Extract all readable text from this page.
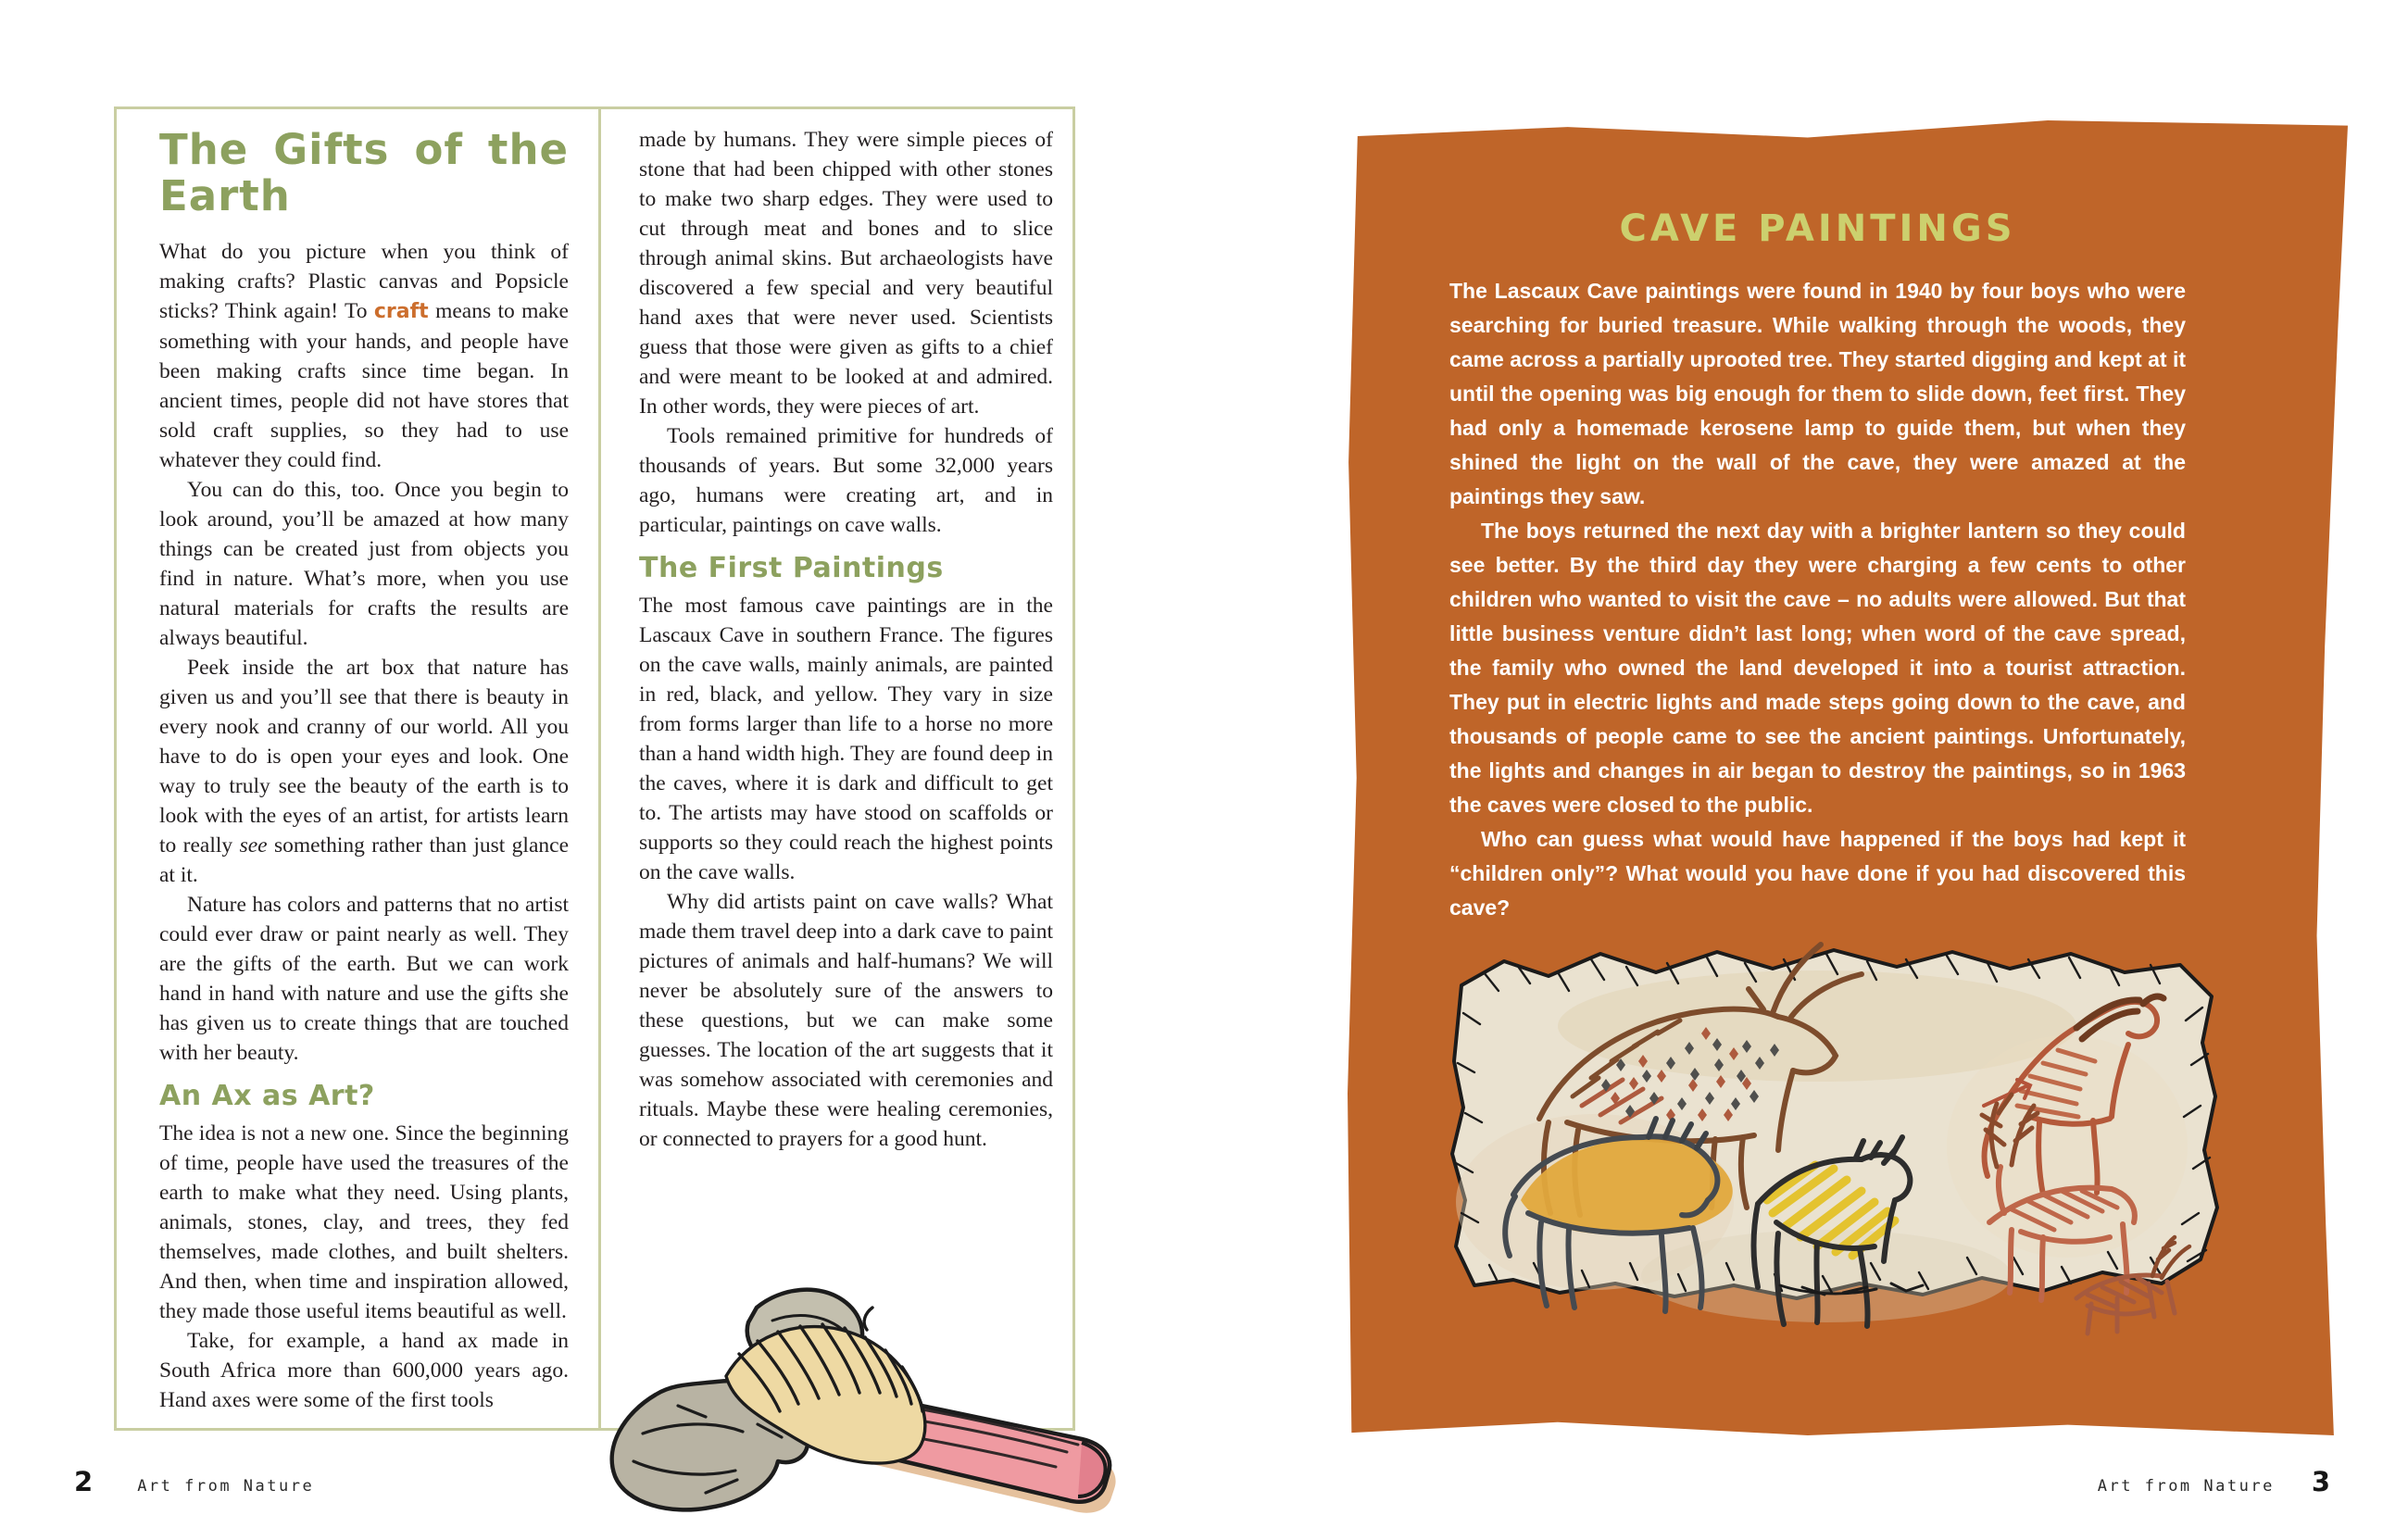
The Gifts of the Earth

What do you picture when you think of making crafts? Plastic canvas and Popsicle sticks? Think again! To craft means to make something with your hands, and people have been making crafts since time began. In ancient times, people did not have stores that sold craft supplies, so they had to use whatever they could find.

You can do this, too. Once you begin to look around, you’ll be amazed at how many things can be created just from objects you find in nature. What’s more, when you use natural materials for crafts the results are always beautiful.

Peek inside the art box that nature has given us and you’ll see that there is beauty in every nook and cranny of our world. All you have to do is open your eyes and look. One way to truly see the beauty of the earth is to look with the eyes of an artist, for artists learn to really see something rather than just glance at it.

Nature has colors and patterns that no artist could ever draw or paint nearly as well. They are the gifts of the earth. But we can work hand in hand with nature and use the gifts she has given us to create things that are touched with her beauty.

An Ax as Art?

The idea is not a new one. Since the beginning of time, people have used the treasures of the earth to make what they need. Using plants, animals, stones, clay, and trees, they fed themselves, made clothes, and built shelters. And then, when time and inspiration allowed, they made those useful items beautiful as well.

Take, for example, a hand ax made in South Africa more than 600,000 years ago. Hand axes were some of the first tools

made by humans. They were simple pieces of stone that had been chipped with other stones to make two sharp edges. They were used to cut through meat and bones and to slice through animal skins. But archaeologists have discovered a few special and very beautiful hand axes that were never used. Scientists guess that those were given as gifts to a chief and were meant to be looked at and admired. In other words, they were pieces of art.

Tools remained primitive for hundreds of thousands of years. But some 32,000 years ago, humans were creating art, and in particular, paintings on cave walls.

The First Paintings

The most famous cave paintings are in the Lascaux Cave in southern France. The figures on the cave walls, mainly animals, are painted in red, black, and yellow. They vary in size from forms larger than life to a horse no more than a hand width high. They are found deep in the caves, where it is dark and difficult to get to. The artists may have stood on scaffolds or supports so they could reach the highest points on the cave walls.

Why did artists paint on cave walls? What made them travel deep into a dark cave to paint pictures of animals and half-humans? We will never be absolutely sure of the answers to these questions, but we can make some guesses. The location of the art suggests that it was somehow associated with ceremonies and rituals. Maybe these were healing ceremonies, or connected to prayers for a good hunt.

CAVE PAINTINGS

The Lascaux Cave paintings were found in 1940 by four boys who were searching for buried treasure. While walking through the woods, they came across a partially uprooted tree. They started digging and kept at it until the opening was big enough for them to slide down, feet first. They had only a homemade kerosene lamp to guide them, but when they shined the light on the wall of the cave, they were amazed at the paintings they saw.

The boys returned the next day with a brighter lantern so they could see better. By the third day they were charging a few cents to other children who wanted to visit the cave – no adults were allowed. But that little business venture didn’t last long; when word of the cave spread, the family who owned the land developed it into a tourist attraction. They put in electric lights and made steps going down to the cave, and thousands of people came to see the ancient paintings. Unfortunately, the lights and changes in air began to destroy the paintings, so in 1963 the caves were closed to the public.

Who can guess what would have happened if the boys had kept it “children only”? What would you have done if you had discovered this cave?

2	Art from Nature	Art from Nature 3
